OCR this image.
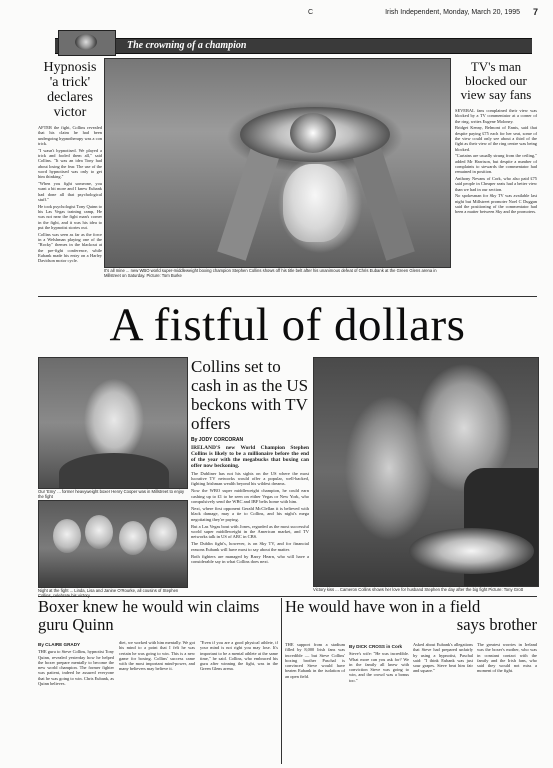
C	Irish Independent, Monday, March 20, 1995 7
The crowning of a champion
Hypnosis 'a trick' declares victor

AFTER the fight, Collins revealed that his claim he had been undergoing hypnotherapy was a con trick.

"I wasn't hypnotised. We played a trick and fooled them all," said Collins. "It was an idea Tony had about losing the fear. The use of the word hypnotised was only to get him thinking."

"When you fight someone, you want a bit more and I knew Eubank had done all that psychological stuff."

He took psychologist Tony Quinn to his Las Vegas training camp, He was not near the fight man's corner in the fight, and it was his idea to put the hypnotist stories out.

Collins was seen as far as the force in a Welshman playing one of the "Rocky" themes in the blackout at the pre-fight conference, while Eubank made his entry on a Harley Davidson motor cycle.

It's all mine ... new WBO world super-middleweight boxing champion Stephen Collins shows off his title belt after his unanimous defeat of Chris Eubank at the Green Glens arena in Millstreet on Saturday. Picture: Tom Burke
TV's man blocked our view say fans

SEVERAL fans complained their view was blocked by a TV commentator at a corner of the ring, writes Eugene Moloney.

Bridget Kenny, Belmont of Ennis, said that despite paying £75 each for her seat, some of the view could only see about a third of the fight as their view of the ring centre was being blocked.

"Curtains are usually strung from the ceiling," added Mr Harrison, but despite a number of complaints to stewards the commentator had remained in position.

Anthony Nevans of Cork, who also paid £75 said people in Cheaper seats had a better view than we had in our section.

No spokesman for Sky TV was available last night but Millstreet promoter Noel C Duggan said the positioning of the commentator had been a matter between Sky and the promoters.

A fistful of dollars
Our 'Emy' ... former heavyweight boxer Henry Cooper was in Millstreet to enjoy the fight
Night at the fight ... Linda, Lisa and Janine O'Rourke, all cousins of Stephen
Collins set to cash in as the US beckons with TV offers
By JODY CORCORAN

IRELAND'S new World Champion Stephen Collins is likely to be a millionaire before the end of the year with the megabucks that boxing can offer now beckoning.

The Dubliner has not his sights on the US where the most lucrative TV networks would offer a popular, well-backed, fighting Irishman wealth beyond his wildest dreams.

Now the WBO super middleweight champion, he could earn cashing up to £1 to be seen on either Vegas or New York, who compulsively send the WBC and IBF belts home with him.

Next, where first opponent Gerald McClellan it is believed with black damage, may a tie to Collins, and his night's mega negotiating they're paying.

But a Las Vegas bout with Jones, regarded as the most successful world super middleweight in the American market, and TV networks talk in US of ABC in CBS.

The Dublin fight's, however, is on Sky TV, and for financial reasons Eubank will have most to say about the matter.

Both fighters are managed by Barry Hearn, who will have a considerable say in what Collins does next.

Victory kiss ... Cameron Collins shows her love for husband Stephen the day after the big fight Picture: Tony Grott
Boxer knew he would win claims guru Quinn
By CLAIRE GRADY

THE guru to Steve Collins, hypnotist Tony Quinn, revealed yesterday how he helped the boxer prepare mentally to become the new world champion. The former fighter was patient, indeed he assured everyone that he was going to win. Chris Eubank, as Quinn believes.

diet, we worked with him mentally. We got his mind to a point that I felt he was certain he was going to win. This is a new game for boxing. Collins' success came with the most important mind-power, and many believers may believe it.

"Even if you are a good physical athlete, if your mind is not right you may lose. It's important to be a mental athlete at the same time," he said. Collins, who embraced his guru after winning the fight, was in the Green Glens arena.

He would have won in a field
says brother

THE support from a stadium filled by 8,000 Irish fans was incredible — but Steve Collins' boxing brother Paschal is convinced Steve would have beaten Eubank in the isolation of an open field.

By DICK CROSS in Cork

Steve's wife: "He was incredible. What more can you ask for? We in the family all knew with conviction Steve was going to win, and the crowd was a bonus too."

Asked about Eubank's allegations that Steve had prepared unfairly by using a hypnotist, Paschal said: "I think Eubank was just sour grapes. Steve beat him fair and square."

The greatest worries in Ireland was the boxer's mother, who was in constant contact with the family and the Irish fans, who said they would not miss a moment of the fight.
